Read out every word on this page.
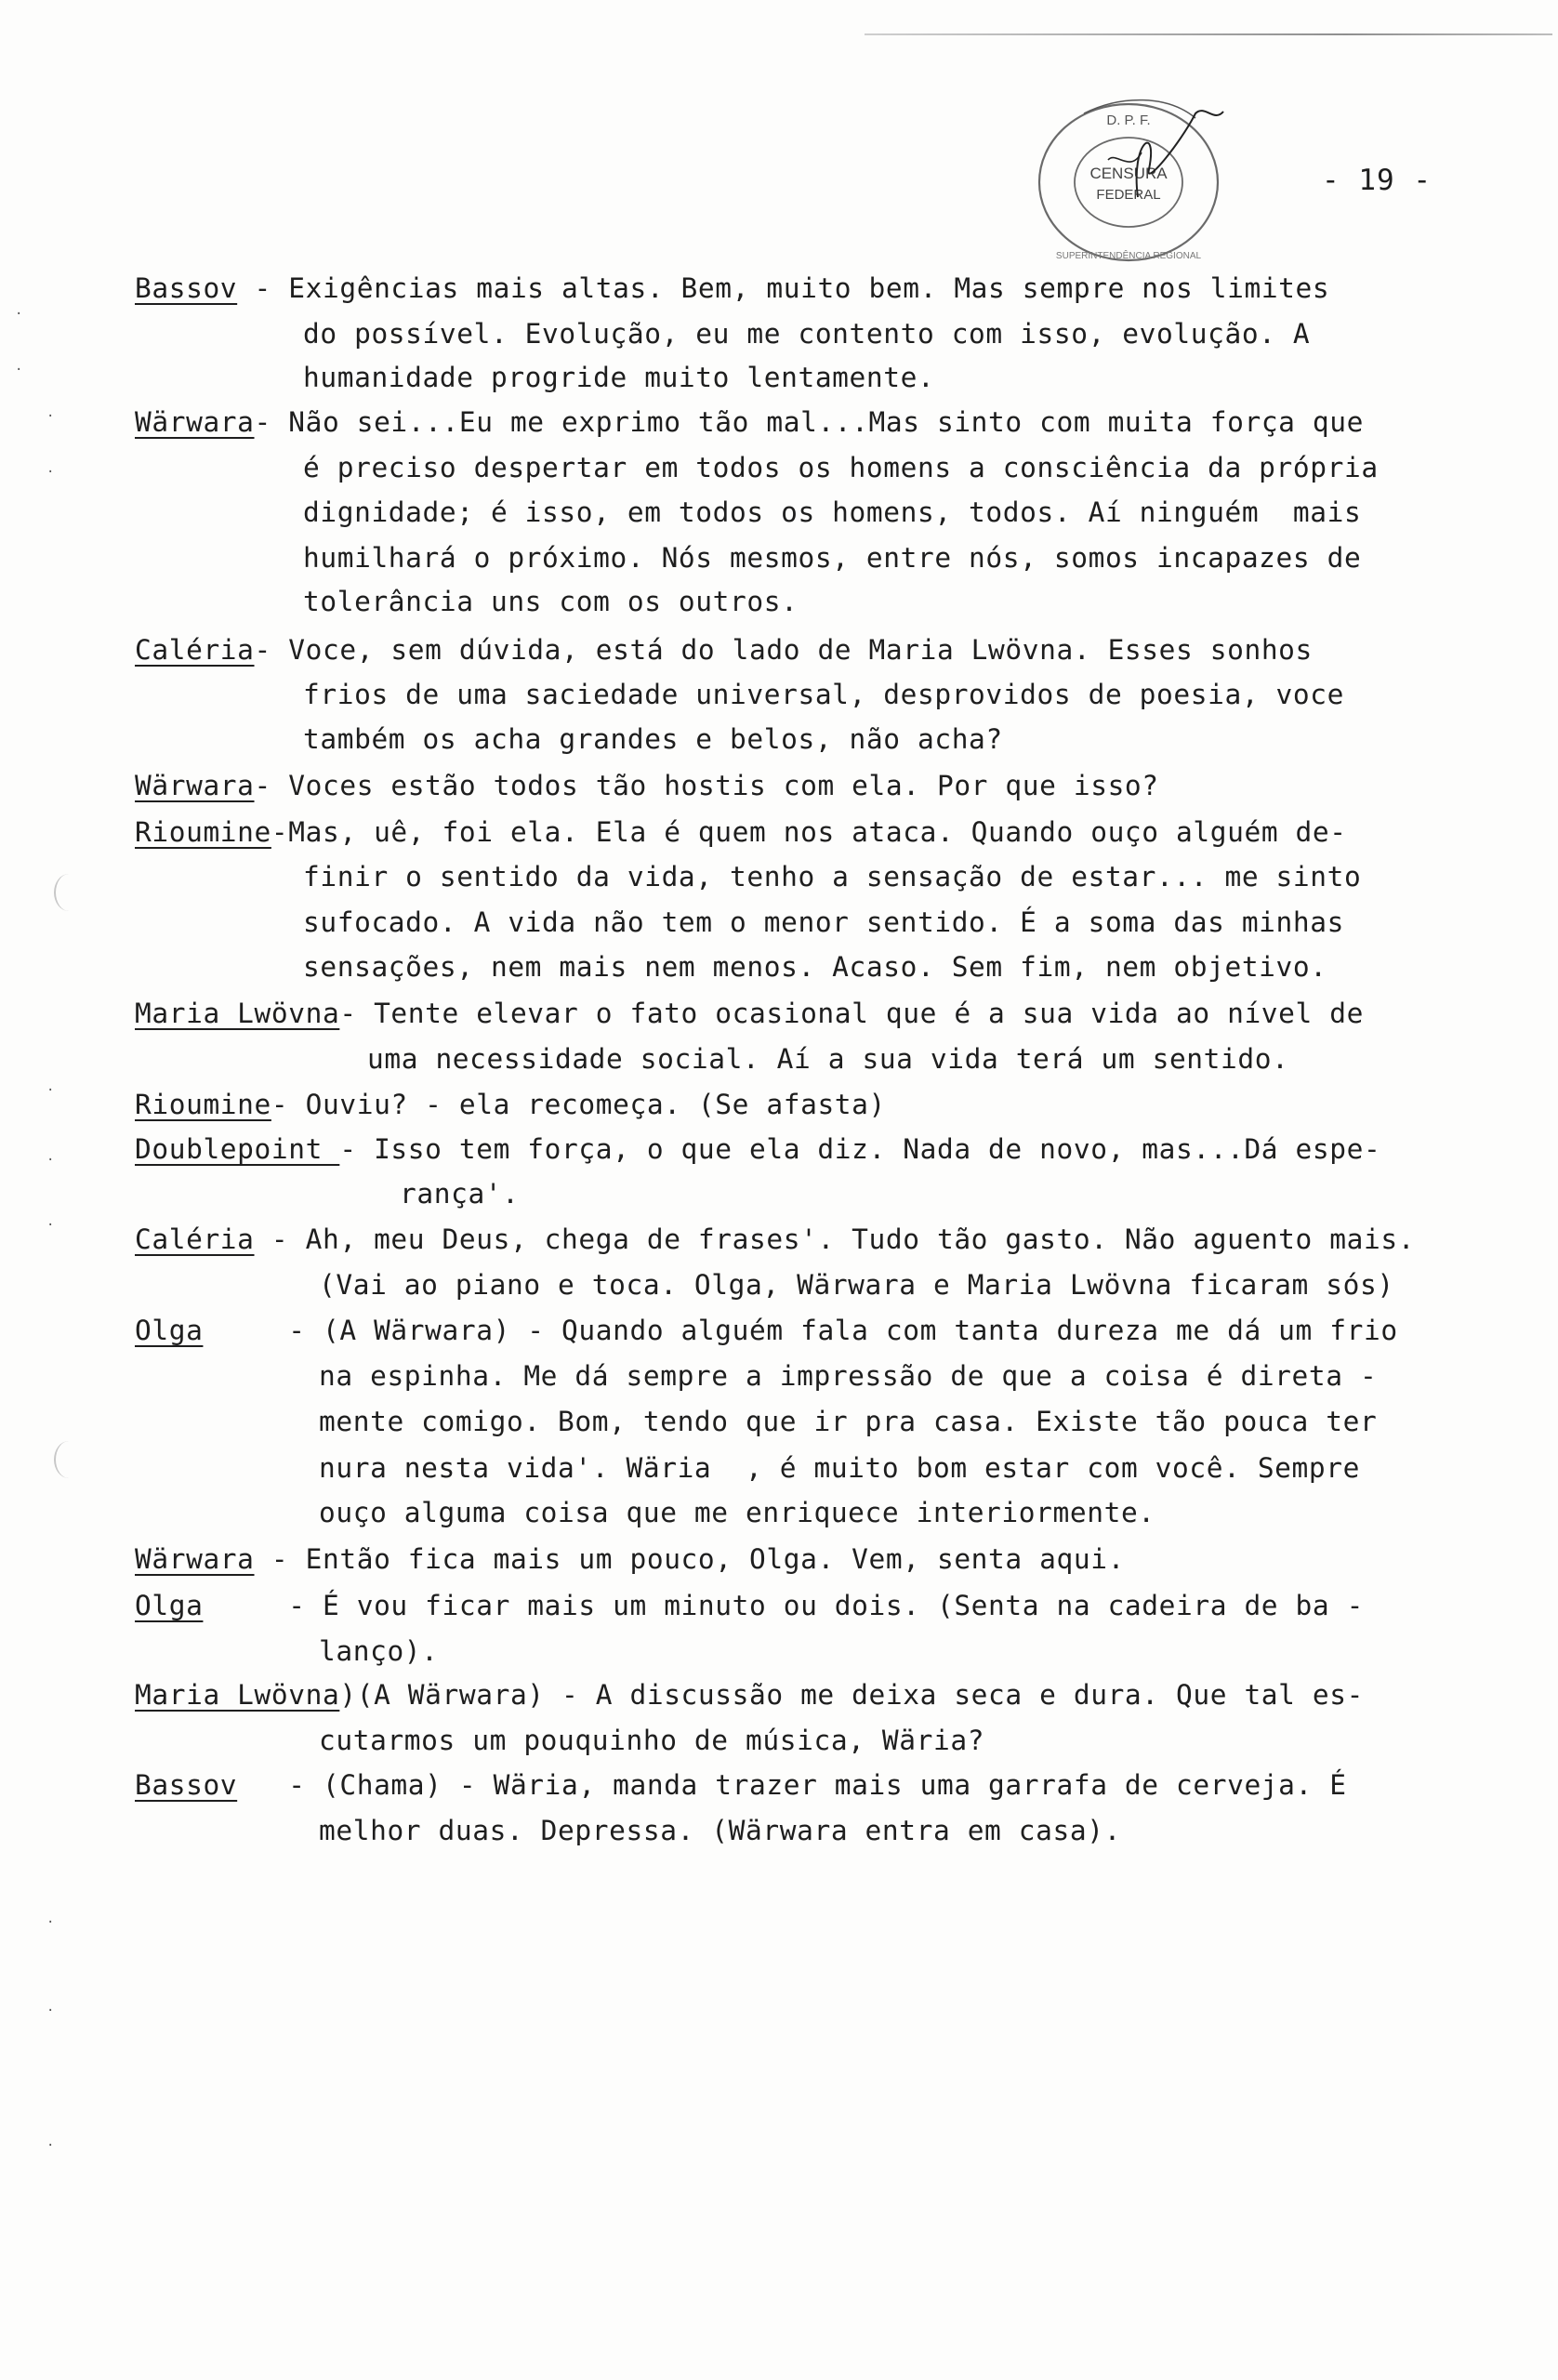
CENSURA
FEDERAL
D. P. F.
SUPERINTENDÊNCIA REGIONAL
- 19 -
·
·
·
·
·
·
·
·
·
·
Bassov - Exigências mais altas. Bem, muito bem. Mas sempre nos limites
do possível. Evolução, eu me contento com isso, evolução. A
humanidade progride muito lentamente.
Wärwara- Não sei...Eu me exprimo tão mal...Mas sinto com muita força que
é preciso despertar em todos os homens a consciência da própria
dignidade; é isso, em todos os homens, todos. Aí ninguém  mais
humilhará o próximo. Nós mesmos, entre nós, somos incapazes de
tolerância uns com os outros.
Caléria- Voce, sem dúvida, está do lado de Maria Lwövna. Esses sonhos
frios de uma saciedade universal, desprovidos de poesia, voce
também os acha grandes e belos, não acha?
Wärwara- Voces estão todos tão hostis com ela. Por que isso?
Rioumine-Mas, uê, foi ela. Ela é quem nos ataca. Quando ouço alguém de-
finir o sentido da vida, tenho a sensação de estar... me sinto
sufocado. A vida não tem o menor sentido. É a soma das minhas
sensações, nem mais nem menos. Acaso. Sem fim, nem objetivo.
Maria Lwövna- Tente elevar o fato ocasional que é a sua vida ao nível de
uma necessidade social. Aí a sua vida terá um sentido.
Rioumine- Ouviu? - ela recomeça. (Se afasta)
Doublepoint - Isso tem força, o que ela diz. Nada de novo, mas...Dá espe-
rança'.
Caléria - Ah, meu Deus, chega de frases'. Tudo tão gasto. Não aguento mais.
(Vai ao piano e toca. Olga, Wärwara e Maria Lwövna ficaram sós)
Olga     - (A Wärwara) - Quando alguém fala com tanta dureza me dá um frio
na espinha. Me dá sempre a impressão de que a coisa é direta -
mente comigo. Bom, tendo que ir pra casa. Existe tão pouca ter
nura nesta vida'. Wäria  , é muito bom estar com você. Sempre
ouço alguma coisa que me enriquece interiormente.
Wärwara - Então fica mais um pouco, Olga. Vem, senta aqui.
Olga     - É vou ficar mais um minuto ou dois. (Senta na cadeira de ba -
lanço).
Maria Lwövna)(A Wärwara) - A discussão me deixa seca e dura. Que tal es-
cutarmos um pouquinho de música, Wäria?
Bassov   - (Chama) - Wäria, manda trazer mais uma garrafa de cerveja. É
melhor duas. Depressa. (Wärwara entra em casa).
